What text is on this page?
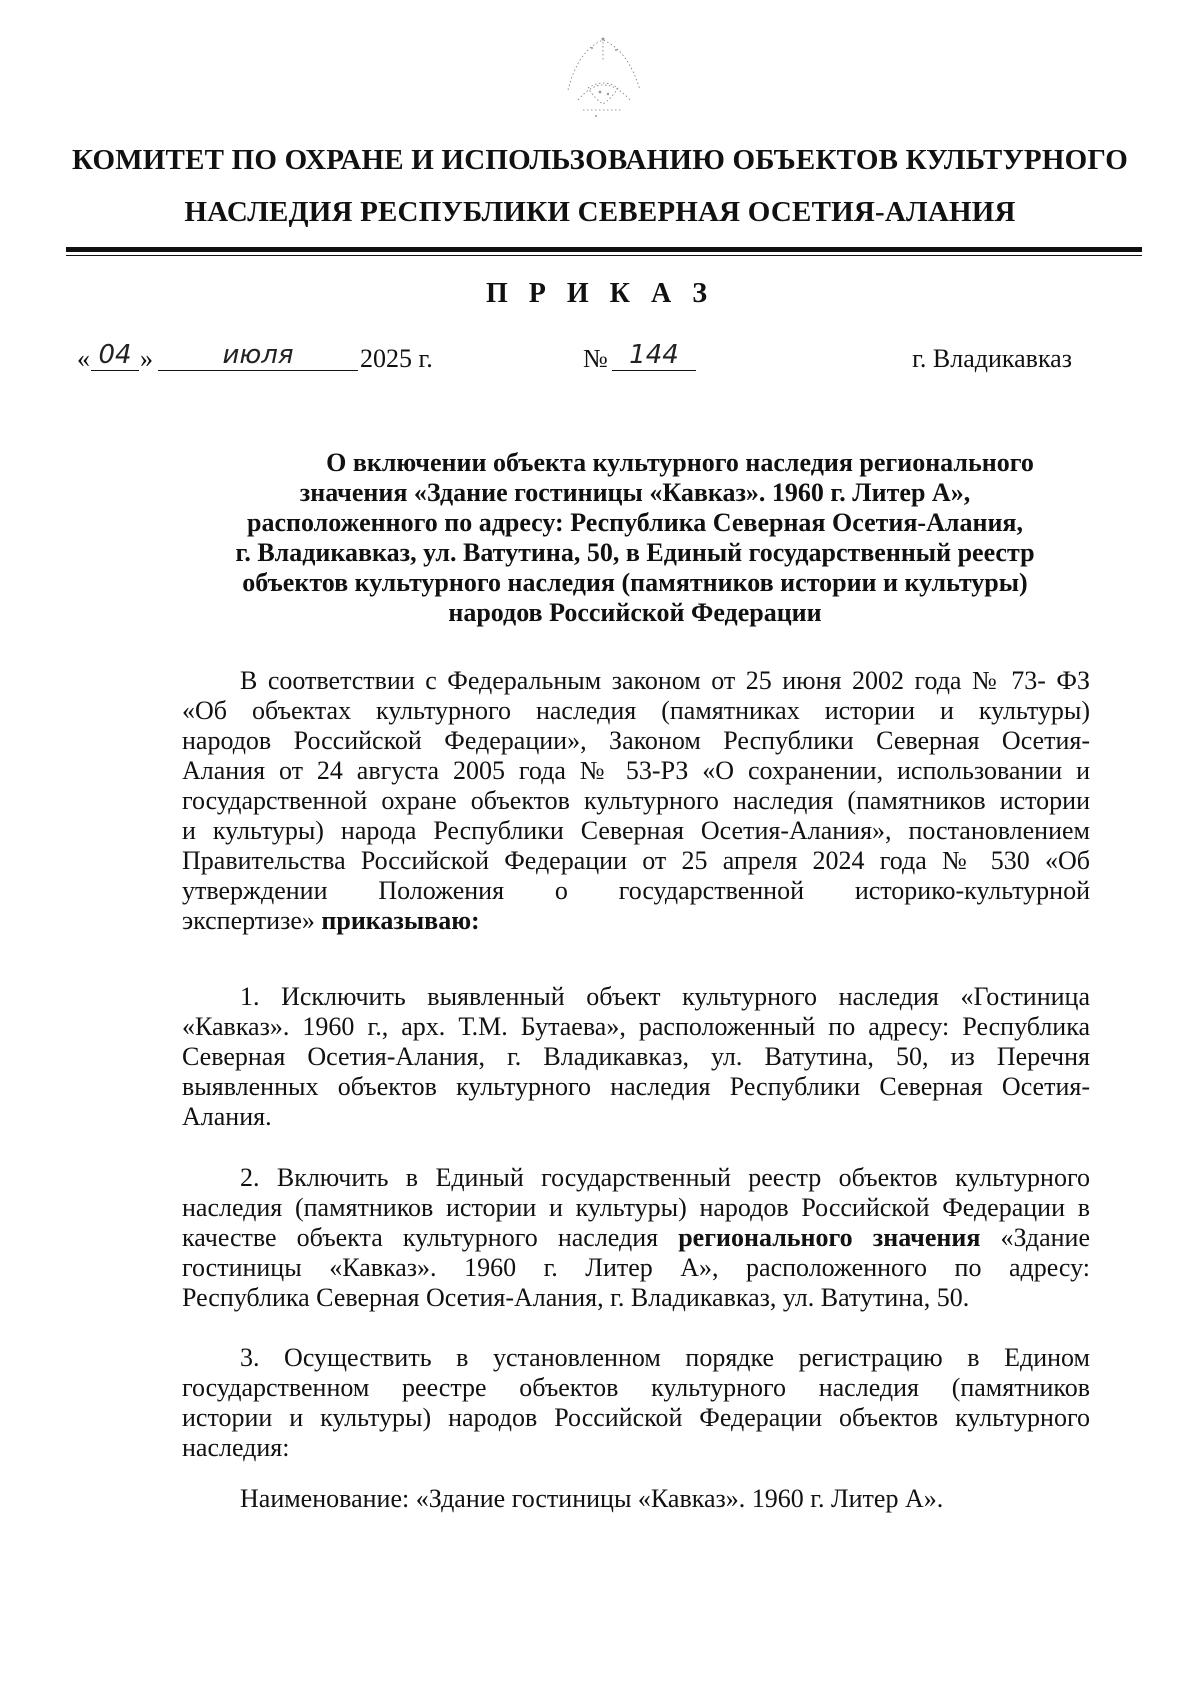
КОМИТЕТ ПО ОХРАНЕ И ИСПОЛЬЗОВАНИЮ ОБЪЕКТОВ КУЛЬТУРНОГО
НАСЛЕДИЯ РЕСПУБЛИКИ СЕВЕРНАЯ ОСЕТИЯ-АЛАНИЯ
П Р И К А З
« 04 »	июля	2025 г.	№ 144	г. Владикавказ
О включении объекта культурного наследия регионального
значения «Здание гостиницы «Кавказ». 1960 г. Литер А»,
расположенного по адресу: Республика Северная Осетия-Алания,
г. Владикавказ, ул. Ватутина, 50, в Единый государственный реестр
объектов культурного наследия (памятников истории и культуры)
народов Российской Федерации
В соответствии с Федеральным законом от 25 июня 2002 года № 73- ФЗ
«Об объектах культурного наследия (памятниках истории и культуры)
народов Российской Федерации», Законом Республики Северная Осетия-
Алания от 24 августа 2005 года № 53-РЗ «О сохранении, использовании и
государственной охране объектов культурного наследия (памятников истории
и культуры) народа Республики Северная Осетия-Алания», постановлением
Правительства Российской Федерации от 25 апреля 2024 года № 530 «Об
утверждении Положения о государственной историко-культурной
экспертизе» приказываю:
1. Исключить выявленный объект культурного наследия «Гостиница
«Кавказ». 1960 г., арх. Т.М. Бутаева», расположенный по адресу: Республика
Северная Осетия-Алания, г. Владикавказ, ул. Ватутина, 50, из Перечня
выявленных объектов культурного наследия Республики Северная Осетия-
Алания.
2. Включить в Единый государственный реестр объектов культурного
наследия (памятников истории и культуры) народов Российской Федерации в
качестве объекта культурного наследия регионального значения «Здание
гостиницы «Кавказ». 1960 г. Литер А», расположенного по адресу:
Республика Северная Осетия-Алания, г. Владикавказ, ул. Ватутина, 50.
3. Осуществить в установленном порядке регистрацию в Едином
государственном реестре объектов культурного наследия (памятников
истории и культуры) народов Российской Федерации объектов культурного
наследия:
Наименование: «Здание гостиницы «Кавказ». 1960 г. Литер А».
